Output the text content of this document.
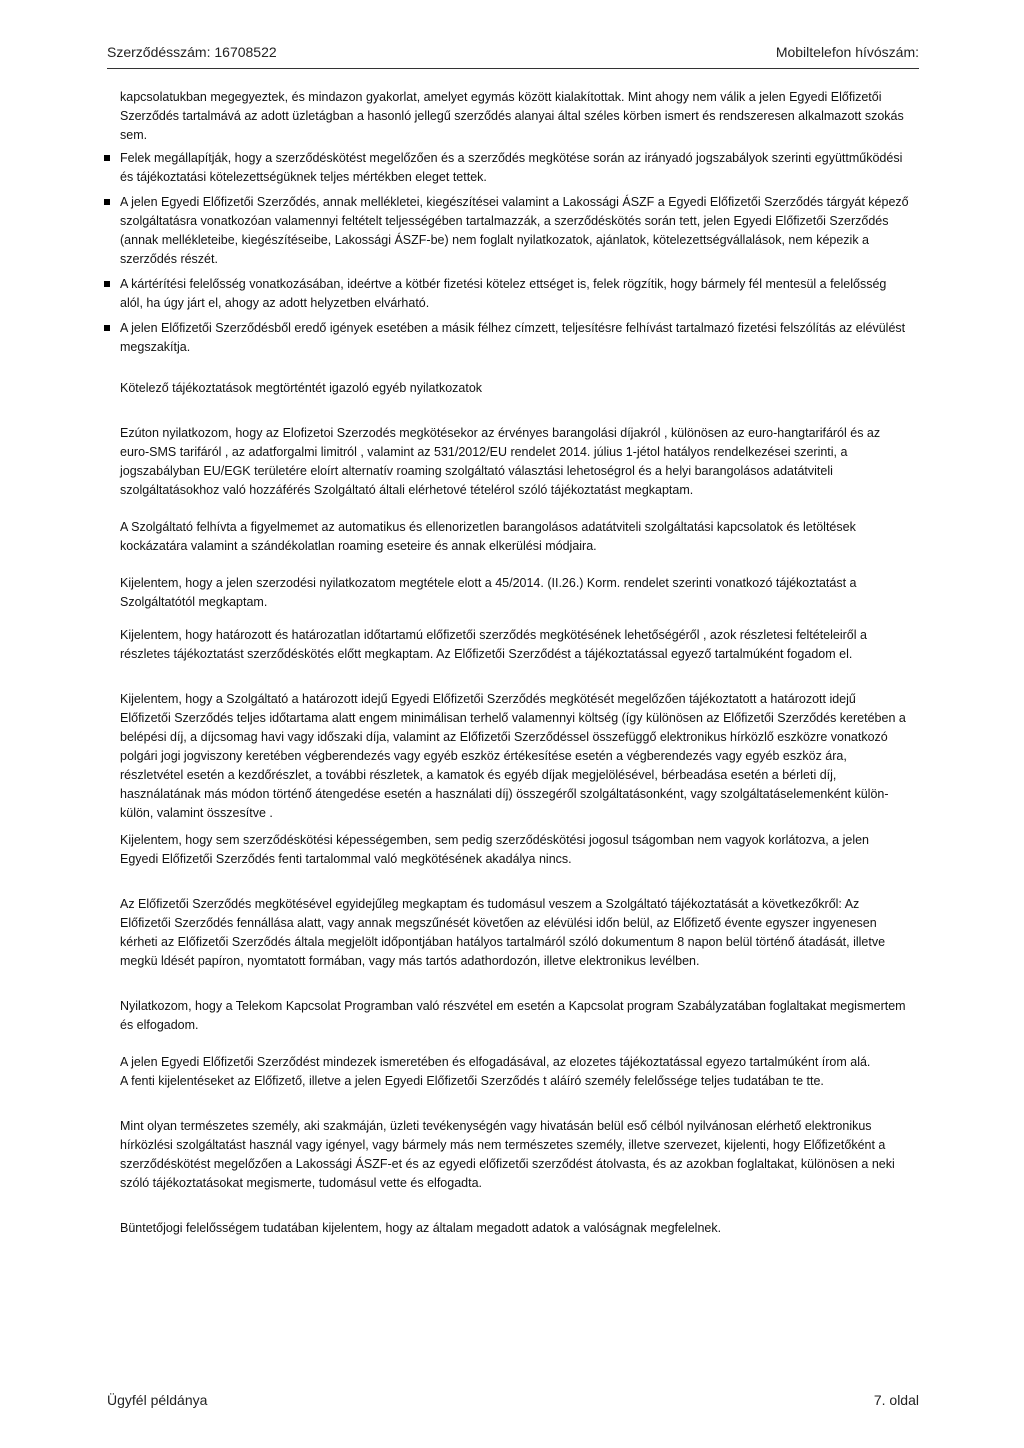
Szerződésszám: 16708522	Mobiltelefon hívószám:

kapcsolatukban megegyeztek, és mindazon gyakorlat, amelyet egymás között kialakítottak. Mint ahogy nem válik a jelen Egyedi Előfizetői Szerződés tartalmává az adott üzletágban a hasonló jellegű szerződés alanyai által széles körben ismert és rendszeresen alkalmazott szokás sem.

Felek megállapítják, hogy a szerződéskötést megelőzően és a szerződés megkötése során az irányadó jogszabályok szerinti együttműködési és tájékoztatási kötelezettségüknek teljes mértékben eleget tettek.
A jelen Egyedi Előfizetői Szerződés, annak mellékletei, kiegészítései valamint a Lakossági ÁSZF a Egyedi Előfizetői Szerződés tárgyát képező szolgáltatásra vonatkozóan valamennyi feltételt teljességében tartalmazzák, a szerződéskötés során tett, jelen Egyedi Előfizetői Szerződés (annak mellékleteibe, kiegészítéseibe, Lakossági ÁSZF-be) nem foglalt nyilatkozatok, ajánlatok, kötelezettségvállalások, nem képezik a szerződés részét.
A kártérítési felelősség vonatkozásában, ideértve a kötbér fizetési kötelez ettséget is, felek rögzítik, hogy bármely fél mentesül a felelősség alól, ha úgy járt el, ahogy az adott helyzetben elvárható.
A jelen Előfizetői Szerződésből eredő igények esetében a másik félhez címzett, teljesítésre felhívást tartalmazó fizetési felszólítás az elévülést megszakítja.

Kötelező tájékoztatások megtörténtét igazoló egyéb nyilatkozatok

Ezúton nyilatkozom, hogy az Elofizetoi Szerzodés megkötésekor az érvényes barangolási díjakról , különösen az euro-hangtarifáról és az euro-SMS tarifáról , az adatforgalmi limitról , valamint az 531/2012/EU rendelet 2014. július 1-jétol hatályos rendelkezései szerinti, a jogszabályban EU/EGK területére eloírt alternatív roaming szolgáltató választási lehetoségrol és a helyi barangolásos adatátviteli szolgáltatásokhoz való hozzáférés Szolgáltató általi elérhetové tételérol szóló tájékoztatást megkaptam.

A Szolgáltató felhívta a figyelmemet az automatikus és ellenorizetlen barangolásos adatátviteli szolgáltatási kapcsolatok és letöltések kockázatára valamint a szándékolatlan roaming eseteire és annak elkerülési módjaira.

Kijelentem, hogy a jelen szerzodési nyilatkozatom megtétele elott a 45/2014. (II.26.) Korm. rendelet szerinti vonatkozó tájékoztatást a Szolgáltatótól megkaptam.

Kijelentem, hogy határozott és határozatlan időtartamú előfizetői szerződés megkötésének lehetőségéről , azok részletesi feltételeiről a részletes tájékoztatást szerződéskötés előtt megkaptam. Az Előfizetői Szerződést a tájékoztatással egyező tartalmúként fogadom el.

Kijelentem, hogy a Szolgáltató a határozott idejű Egyedi Előfizetői Szerződés megkötését megelőzően tájékoztatott a határozott idejű Előfizetői Szerződés teljes időtartama alatt engem minimálisan terhelő valamennyi költség (így különösen az Előfizetői Szerződés keretében a belépési díj, a díjcsomag havi vagy időszaki díja, valamint az Előfizetői Szerződéssel összefüggő elektronikus hírközlő eszközre vonatkozó polgári jogi jogviszony keretében végberendezés vagy egyéb eszköz értékesítése esetén a végberendezés vagy egyéb eszköz ára, részletvétel esetén a kezdőrészlet, a további részletek, a kamatok és egyéb díjak megjelölésével, bérbeadása esetén a bérleti díj, használatának más módon történő átengedése esetén a használati díj) összegéről szolgáltatásonként, vagy szolgáltatáselemenként külön-külön, valamint összesítve .

Kijelentem, hogy sem szerződéskötési képességemben, sem pedig szerződéskötési jogosul tságomban nem vagyok korlátozva, a jelen Egyedi Előfizetői Szerződés fenti tartalommal való megkötésének akadálya nincs.

Az Előfizetői Szerződés megkötésével egyidejűleg megkaptam és tudomásul veszem a Szolgáltató tájékoztatását a következőkről: Az Előfizetői Szerződés fennállása alatt, vagy annak megszűnését követően az elévülési időn belül, az Előfizető évente egyszer ingyenesen kérheti az Előfizetői Szerződés általa megjelölt időpontjában hatályos tartalmáról szóló dokumentum 8 napon belül történő átadását, illetve megkü ldését papíron, nyomtatott formában, vagy más tartós adathordozón, illetve elektronikus levélben.

Nyilatkozom, hogy a Telekom Kapcsolat Programban való részvétel em esetén a Kapcsolat program Szabályzatában foglaltakat megismertem és elfogadom.

A jelen Egyedi Előfizetői Szerződést mindezek ismeretében és elfogadásával, az elozetes tájékoztatással egyezo tartalmúként írom alá.

A fenti kijelentéseket az Előfizető, illetve a jelen Egyedi Előfizetői Szerződés t aláíró személy felelőssége teljes tudatában te tte.

Mint olyan természetes személy, aki szakmáján, üzleti tevékenységén vagy hivatásán belül eső célból nyilvánosan elérhető elektronikus hírközlési szolgáltatást használ vagy igényel, vagy bármely más nem természetes személy, illetve szervezet, kijelenti, hogy Előfizetőként a szerződéskötést megelőzően a Lakossági ÁSZF-et és az egyedi előfizetői szerződést átolvasta, és az azokban foglaltakat, különösen a neki szóló tájékoztatásokat megismerte, tudomásul vette és elfogadta.

Büntetőjogi felelősségem tudatában kijelentem, hogy az általam megadott adatok a valóságnak megfelelnek.

Ügyfél példánya	7. oldal
